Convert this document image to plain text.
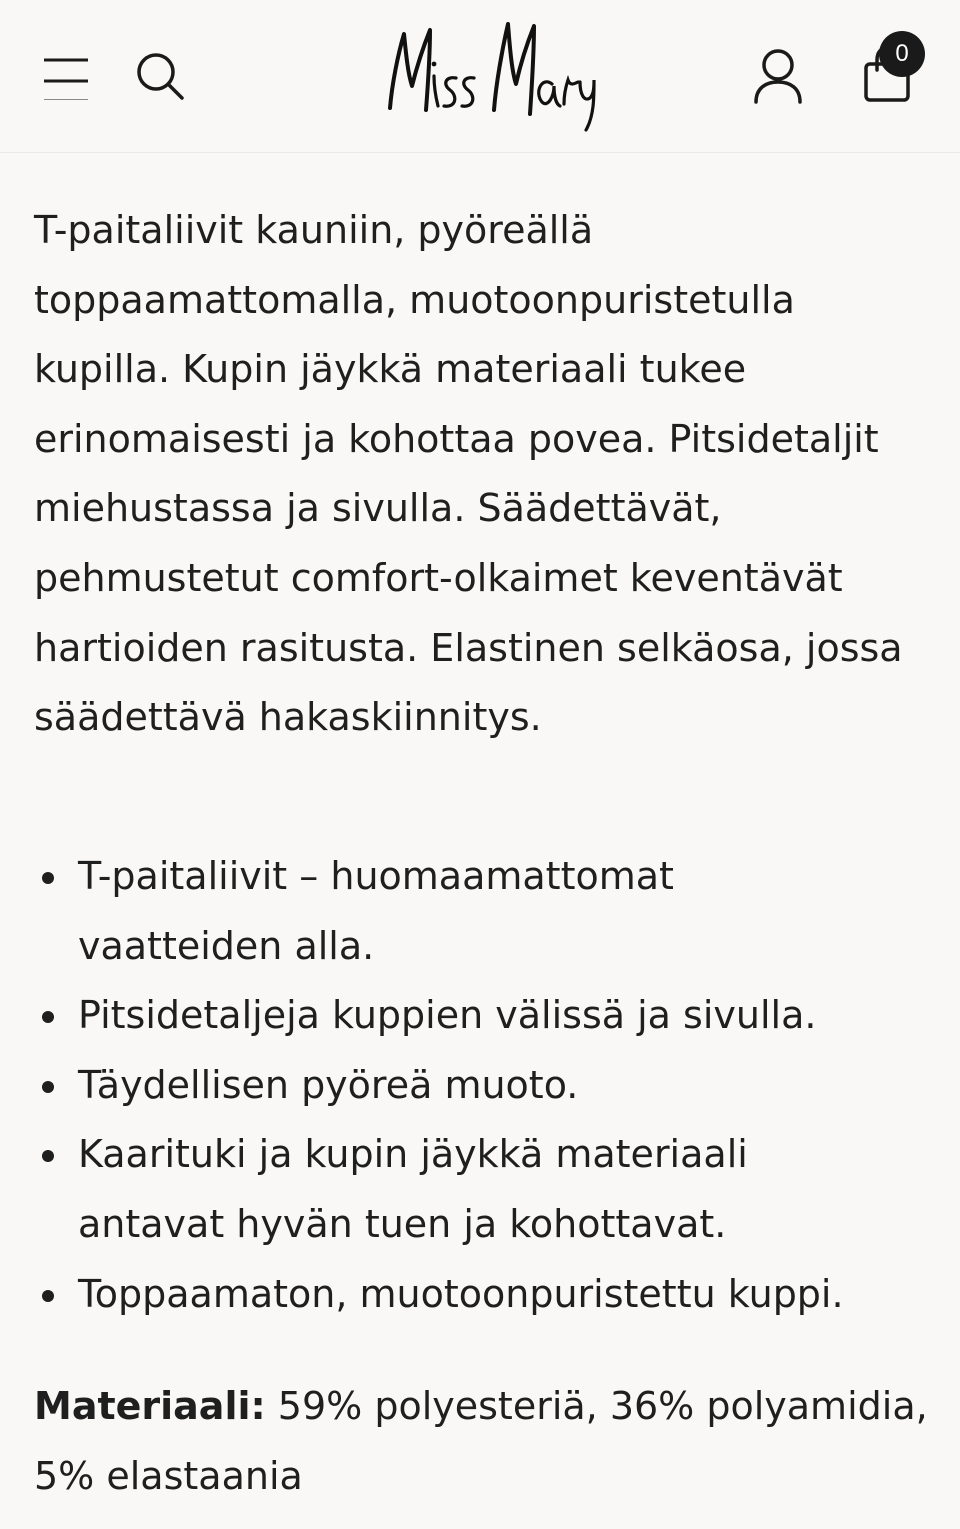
0

T-paitaliivit kauniin, pyöreällä
toppaamattomalla, muotoonpuristetulla
kupilla. Kupin jäykkä materiaali tukee
erinomaisesti ja kohottaa povea. Pitsidetaljit
miehustassa ja sivulla. Säädettävät,
pehmustetut comfort-olkaimet keventävät
hartioiden rasitusta. Elastinen selkäosa, jossa
säädettävä hakaskiinnitys.

T-paitaliivit – huomaamattomat
vaatteiden alla.
Pitsidetaljeja kuppien välissä ja sivulla.
Täydellisen pyöreä muoto.
Kaarituki ja kupin jäykkä materiaali
antavat hyvän tuen ja kohottavat.
Toppaamaton, muotoonpuristettu kuppi.

Materiaali: 59% polyesteriä, 36% polyamidia,
5% elastaania
